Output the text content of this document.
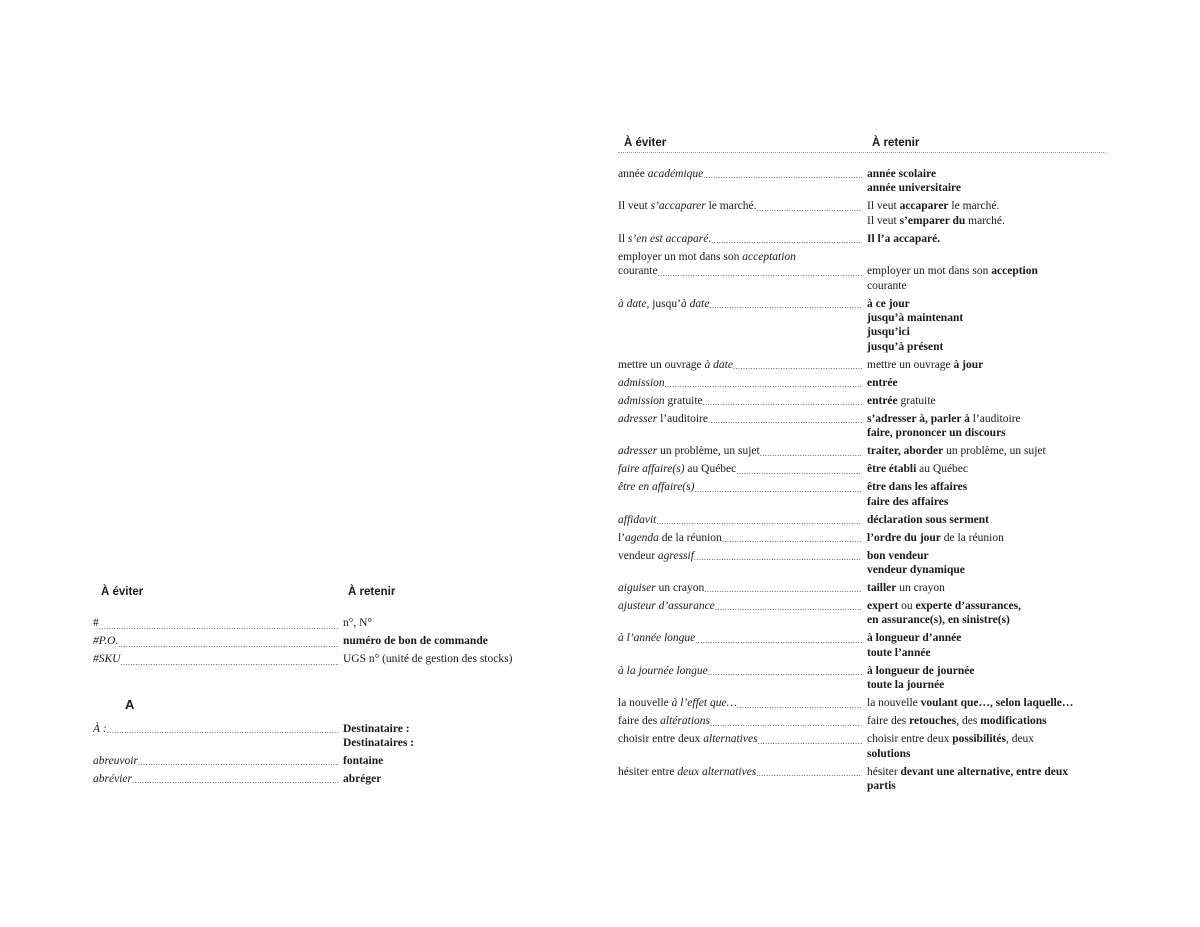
À éviter	À retenir
# .....	n°, N°
#P.O. .....	numéro de bon de commande
#SKU .....	UGS n° (unité de gestion des stocks)
A
À : .....	Destinataire :
Destinataires :
abreuvoir .....	fontaine
abrévier .....	abréger
À éviter	À retenir
année académique .....	année scolaire
année universitaire
Il veut s’accaparer le marché. .....	Il veut accaparer le marché.
Il veut s’emparer du marché.
Il s’en est accaparé. .....	Il l’a accaparé.
employer un mot dans son acceptation
courante .....	employer un mot dans son acception
courante
à date, jusqu’à date .....	à ce jour
jusqu’à maintenant
jusqu’ici
jusqu’à présent
mettre un ouvrage à date .....	mettre un ouvrage à jour
admission .....	entrée
admission gratuite .....	entrée gratuite
adresser l’auditoire .....	s’adresser à, parler à l’auditoire
faire, prononcer un discours
adresser un problème, un sujet .....	traiter, aborder un problème, un sujet
faire affaire(s) au Québec .....	être établi au Québec
être en affaire(s) .....	être dans les affaires
faire des affaires
affidavit .....	déclaration sous serment
l’agenda de la réunion .....	l’ordre du jour de la réunion
vendeur agressif .....	bon vendeur
vendeur dynamique
aiguiser un crayon .....	tailler un crayon
ajusteur d’assurance .....	expert ou experte d’assurances,
en assurance(s), en sinistre(s)
à l’année longue .....	à longueur d’année
toute l’année
à la journée longue .....	à longueur de journée
toute la journée
la nouvelle à l’effet que… .....	la nouvelle voulant que…, selon laquelle…
faire des altérations .....	faire des retouches, des modifications
choisir entre deux alternatives .....	choisir entre deux possibilités, deux
solutions
hésiter entre deux alternatives .....	hésiter devant une alternative, entre deux
partis
